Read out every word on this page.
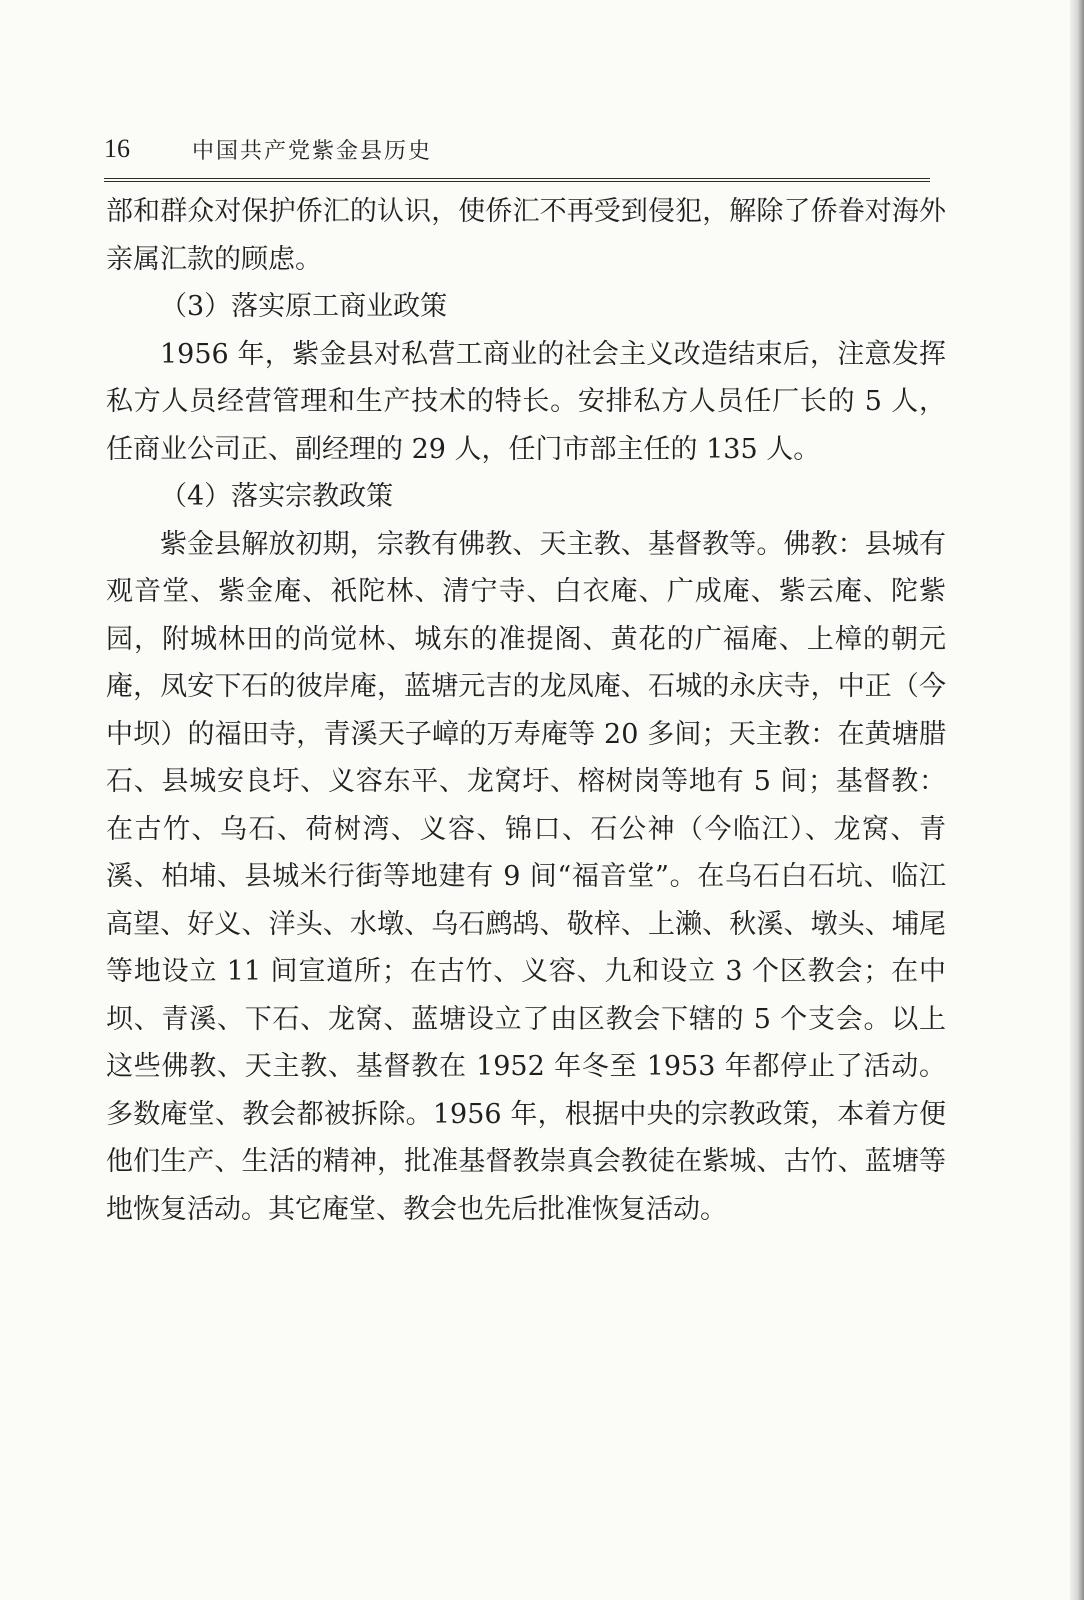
16	中国共产党紫金县历史

部和群众对保护侨汇的认识，使侨汇不再受到侵犯，解除了侨眷对海外亲属汇款的顾虑。

（3）落实原工商业政策

1956 年，紫金县对私营工商业的社会主义改造结束后，注意发挥私方人员经营管理和生产技术的特长。安排私方人员任厂长的 5 人，任商业公司正、副经理的 29 人，任门市部主任的 135 人。

（4）落实宗教政策

紫金县解放初期，宗教有佛教、天主教、基督教等。佛教：县城有观音堂、紫金庵、祇陀林、清宁寺、白衣庵、广成庵、紫云庵、陀紫园，附城林田的尚觉林、城东的准提阁、黄花的广福庵、上樟的朝元庵，凤安下石的彼岸庵，蓝塘元吉的龙凤庵、石城的永庆寺，中正（今中坝）的福田寺，青溪天子嶂的万寿庵等 20 多间；天主教：在黄塘腊石、县城安良圩、义容东平、龙窝圩、榕树岗等地有 5 间；基督教：在古竹、乌石、荷树湾、义容、锦口、石公神（今临江）、龙窝、青溪、柏埔、县城米行街等地建有 9 间“福音堂”。在乌石白石坑、临江高望、好义、洋头、水墩、乌石鹧鸪、敬梓、上濑、秋溪、墩头、埔尾等地设立 11 间宣道所；在古竹、义容、九和设立 3 个区教会；在中坝、青溪、下石、龙窝、蓝塘设立了由区教会下辖的 5 个支会。以上这些佛教、天主教、基督教在 1952 年冬至 1953 年都停止了活动。多数庵堂、教会都被拆除。1956 年，根据中央的宗教政策，本着方便他们生产、生活的精神，批准基督教崇真会教徒在紫城、古竹、蓝塘等地恢复活动。其它庵堂、教会也先后批准恢复活动。
